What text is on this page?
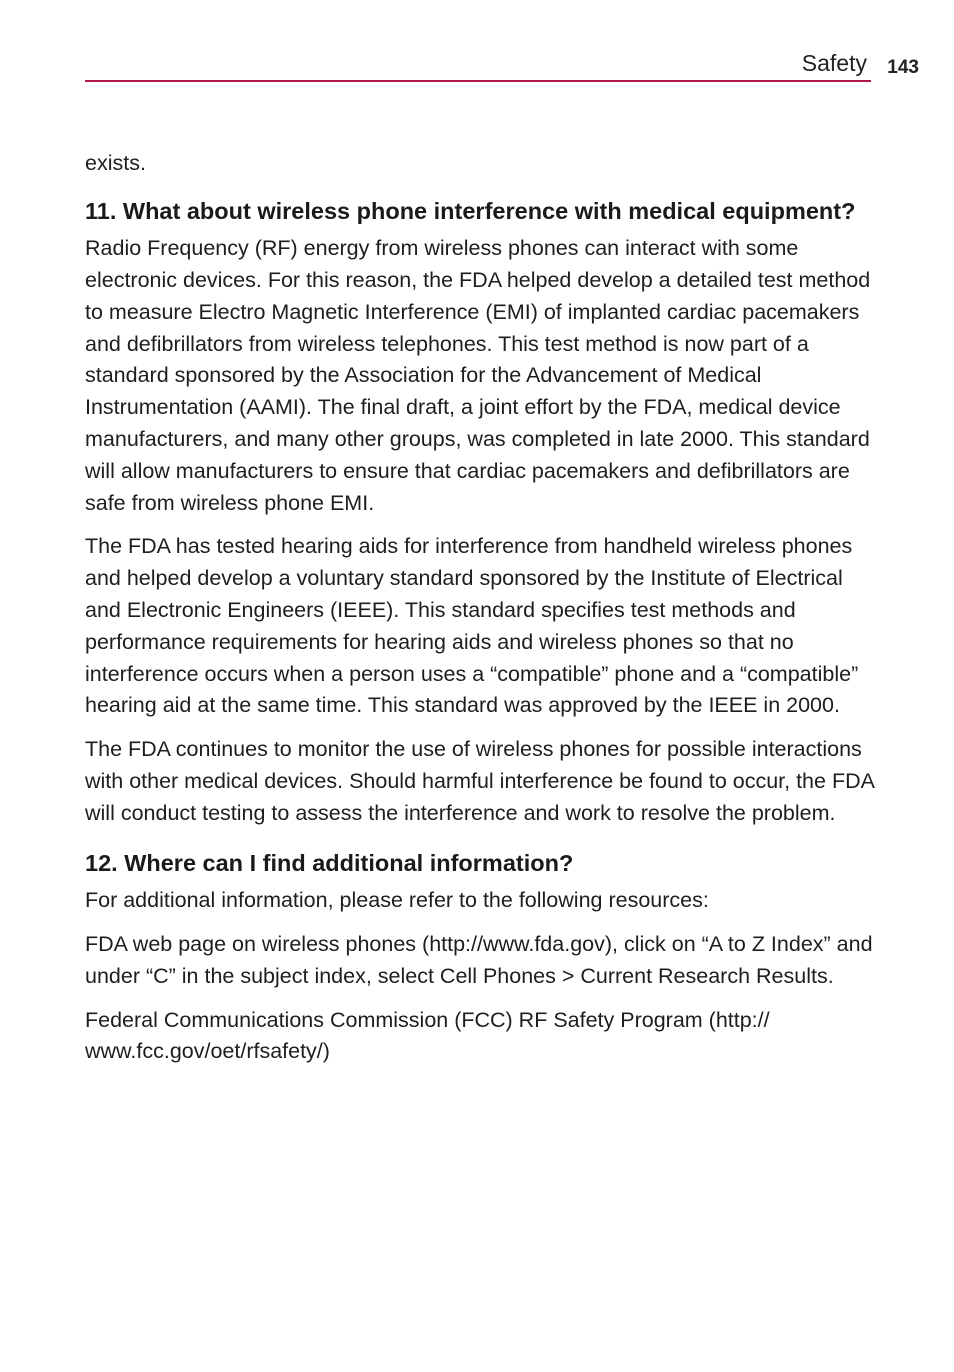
Safety 143

exists.

11. What about wireless phone interference with medical equipment?

Radio Frequency (RF) energy from wireless phones can interact with some electronic devices. For this reason, the FDA helped develop a detailed test method to measure Electro Magnetic Interference (EMI) of implanted cardiac pacemakers and defibrillators from wireless telephones. This test method is now part of a standard sponsored by the Association for the Advancement of Medical Instrumentation (AAMI). The final draft, a joint effort by the FDA, medical device manufacturers, and many other groups, was completed in late 2000. This standard will allow manufacturers to ensure that cardiac pacemakers and defibrillators are safe from wireless phone EMI.

The FDA has tested hearing aids for interference from handheld wireless phones and helped develop a voluntary standard sponsored by the Institute of Electrical and Electronic Engineers (IEEE). This standard specifies test methods and performance requirements for hearing aids and wireless phones so that no interference occurs when a person uses a “compatible” phone and a “compatible” hearing aid at the same time. This standard was approved by the IEEE in 2000.

The FDA continues to monitor the use of wireless phones for possible interactions with other medical devices. Should harmful interference be found to occur, the FDA will conduct testing to assess the interference and work to resolve the problem.

12. Where can I find additional information?

For additional information, please refer to the following resources:

FDA web page on wireless phones (http://www.fda.gov), click on “A to Z Index” and under “C” in the subject index, select Cell Phones > Current Research Results.

Federal Communications Commission (FCC) RF Safety Program (http:// www.fcc.gov/oet/rfsafety/)
